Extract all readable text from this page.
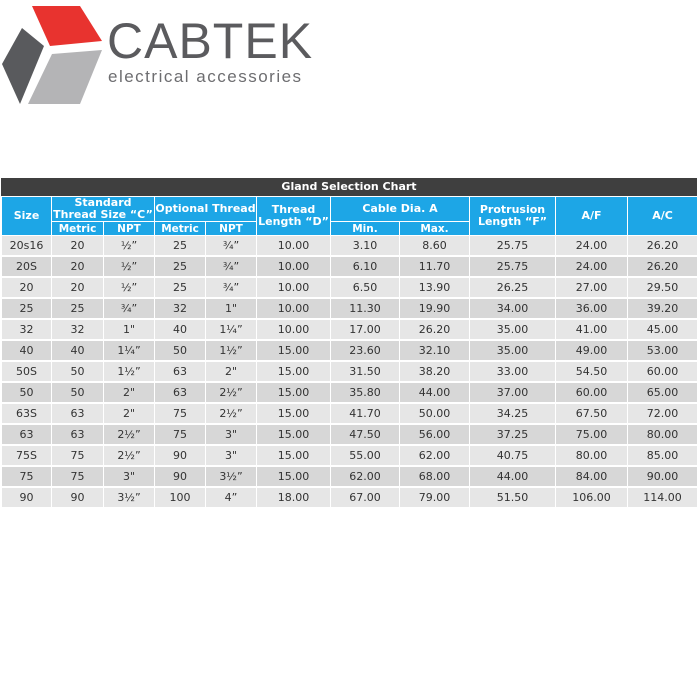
CABTEK
electrical accessories
Gland Selection Chart
Size	Standard Thread Size “C”		Optional Thread		Thread Length “D”	Cable Dia. A		Protrusion Length “F”	A/F	A/C
	Metric	NPT	Metric	NPT		Min.	Max.			
20s16	20	½”	25	¾”	10.00	3.10	8.60	25.75	24.00	26.20
20S	20	½”	25	¾”	10.00	6.10	11.70	25.75	24.00	26.20
20	20	½”	25	¾”	10.00	6.50	13.90	26.25	27.00	29.50
25	25	¾”	32	1"	10.00	11.30	19.90	34.00	36.00	39.20
32	32	1"	40	1¼”	10.00	17.00	26.20	35.00	41.00	45.00
40	40	1¼”	50	1½”	15.00	23.60	32.10	35.00	49.00	53.00
50S	50	1½”	63	2"	15.00	31.50	38.20	33.00	54.50	60.00
50	50	2"	63	2½”	15.00	35.80	44.00	37.00	60.00	65.00
63S	63	2"	75	2½”	15.00	41.70	50.00	34.25	67.50	72.00
63	63	2½”	75	3"	15.00	47.50	56.00	37.25	75.00	80.00
75S	75	2½”	90	3"	15.00	55.00	62.00	40.75	80.00	85.00
75	75	3"	90	3½”	15.00	62.00	68.00	44.00	84.00	90.00
90	90	3½”	100	4”	18.00	67.00	79.00	51.50	106.00	114.00
